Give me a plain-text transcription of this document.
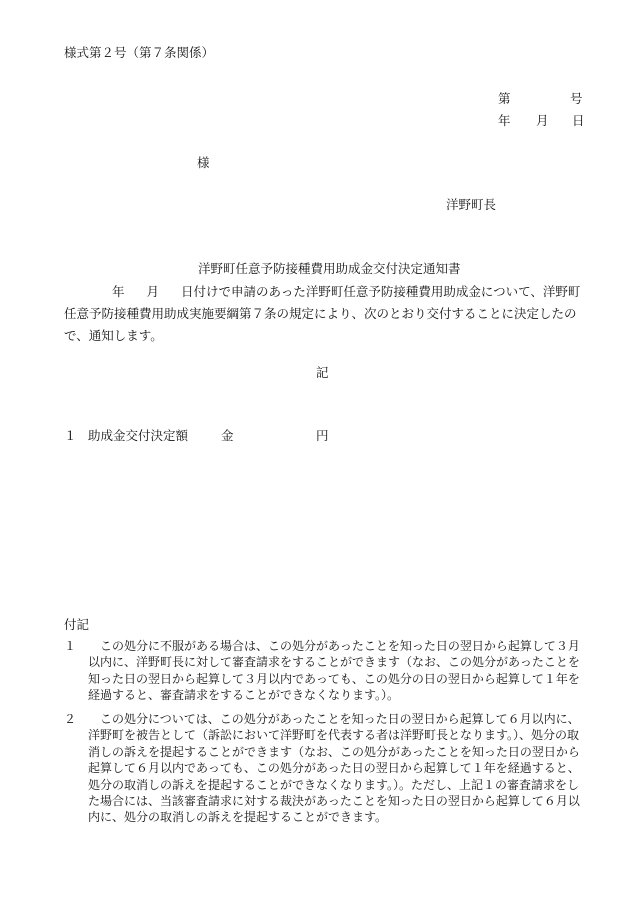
様式第２号（第７条関係）
第	号
年 月 日
様
洋野町長
洋野町任意予防接種費用助成金交付決定通知書
年 月 日付けで申請のあった洋野町任意予防接種費用助成金について、洋野町任意予防接種費用助成実施要綱第７条の規定により、次のとおり交付することに決定したので、通知します。
記
１ 助成金交付決定額	金	円
付記
１	この処分に不服がある場合は、この処分があったことを知った日の翌日から起算して３月以内に、洋野町長に対して審査請求をすることができます（なお、この処分があったことを知った日の翌日から起算して３月以内であっても、この処分の日の翌日から起算して１年を経過すると、審査請求をすることができなくなります。）。
２	この処分については、この処分があったことを知った日の翌日から起算して６月以内に、洋野町を被告として（訴訟において洋野町を代表する者は洋野町長となります。）、処分の取消しの訴えを提起することができます（なお、この処分があったことを知った日の翌日から起算して６月以内であっても、この処分があった日の翌日から起算して１年を経過すると、処分の取消しの訴えを提起することができなくなります。）。ただし、上記１の審査請求をした場合には、当該審査請求に対する裁決があったことを知った日の翌日から起算して６月以内に、処分の取消しの訴えを提起することができます。
